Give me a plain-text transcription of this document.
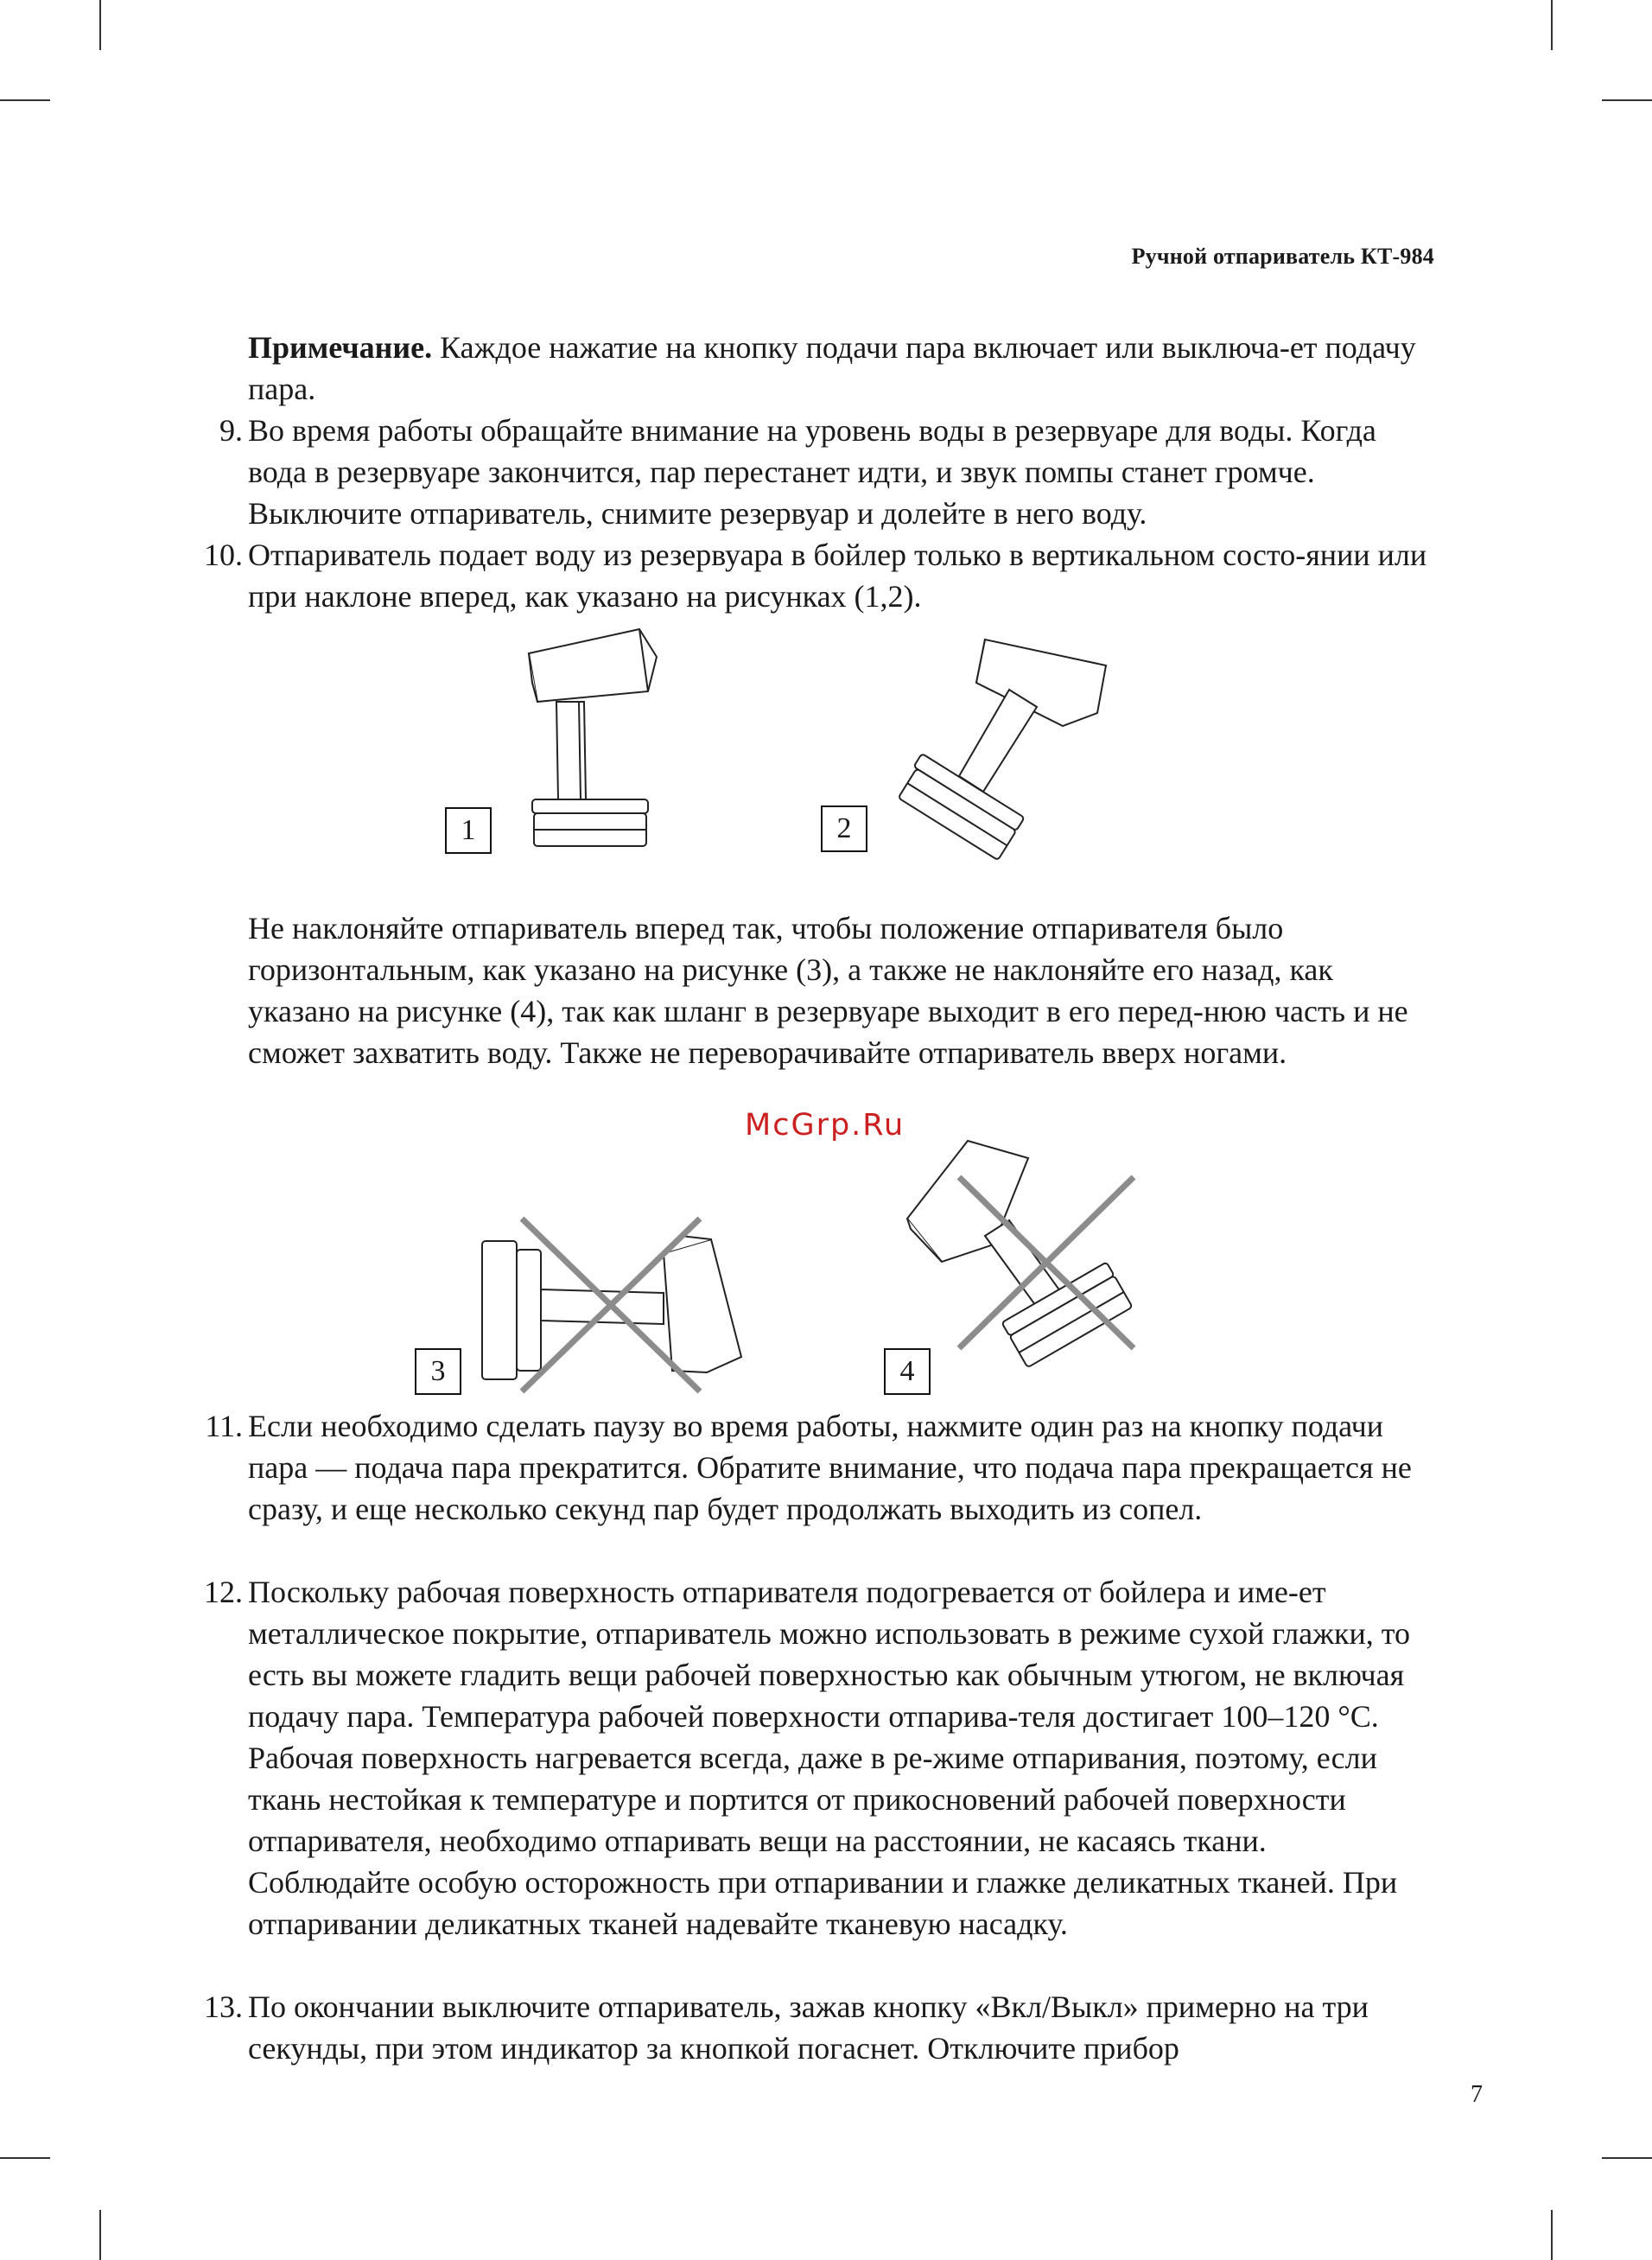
Ручной отпариватель КТ-984
Примечание. Каждое нажатие на кнопку подачи пара включает или выключа-ет подачу пара.
9. Во время работы обращайте внимание на уровень воды в резервуаре для воды. Когда вода в резервуаре закончится, пар перестанет идти, и звук помпы станет громче. Выключите отпариватель, снимите резервуар и долейте в него воду.
10. Отпариватель подает воду из резервуара в бойлер только в вертикальном состо-янии или при наклоне вперед, как указано на рисунках (1,2).
1	2
Не наклоняйте отпариватель вперед так, чтобы положение отпаривателя было горизонтальным, как указано на рисунке (3), а также не наклоняйте его назад, как указано на рисунке (4), так как шланг в резервуаре выходит в его перед-нюю часть и не сможет захватить воду. Также не переворачивайте отпариватель вверх ногами.
McGrp.Ru
3	4
11. Если необходимо сделать паузу во время работы, нажмите один раз на кнопку подачи пара — подача пара прекратится. Обратите внимание, что подача пара прекращается не сразу, и еще несколько секунд пар будет продолжать выходить из сопел.
12. Поскольку рабочая поверхность отпаривателя подогревается от бойлера и име-ет металлическое покрытие, отпариватель можно использовать в режиме сухой глажки, то есть вы можете гладить вещи рабочей поверхностью как обычным утюгом, не включая подачу пара. Температура рабочей поверхности отпарива-теля достигает 100–120 °C. Рабочая поверхность нагревается всегда, даже в ре-жиме отпаривания, поэтому, если ткань нестойкая к температуре и портится от прикосновений рабочей поверхности отпаривателя, необходимо отпаривать вещи на расстоянии, не касаясь ткани. Соблюдайте особую осторожность при отпаривании и глажке деликатных тканей. При отпаривании деликатных тканей надевайте тканевую насадку.
13. По окончании выключите отпариватель, зажав кнопку «Вкл/Выкл» примерно на три секунды, при этом индикатор за кнопкой погаснет. Отключите прибор
7
